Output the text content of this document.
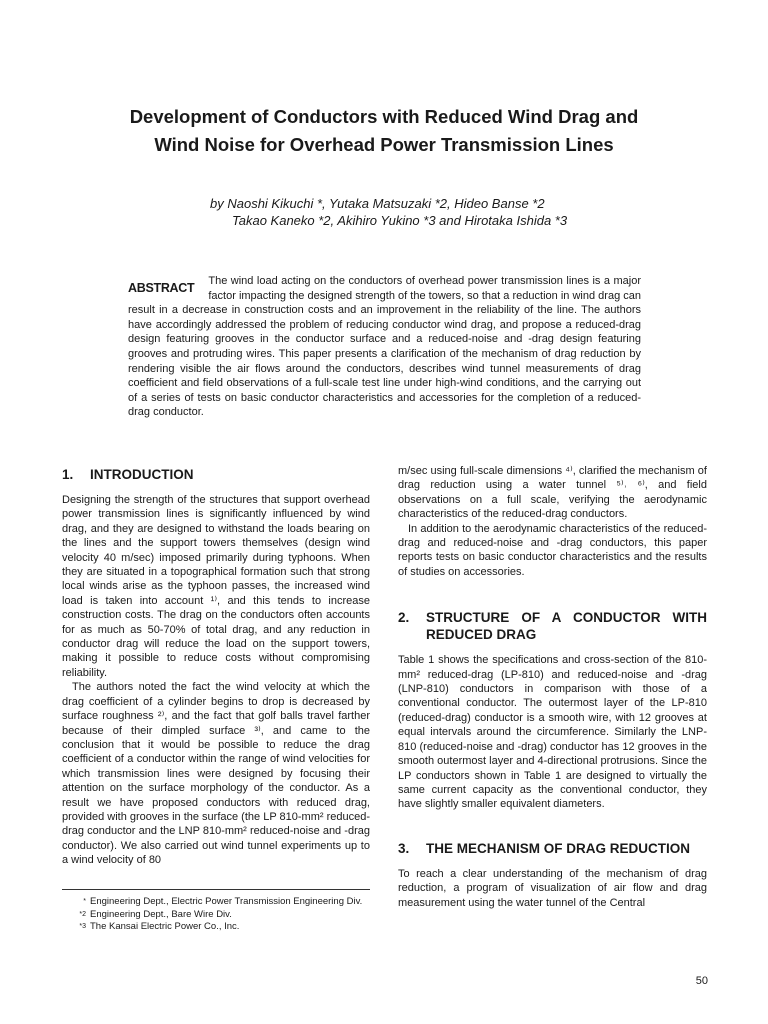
Development of Conductors with Reduced Wind Drag and
Wind Noise for Overhead Power Transmission Lines
by Naoshi Kikuchi *, Yutaka Matsuzaki *2, Hideo Banse *2
Takao Kaneko *2, Akihiro Yukino *3 and Hirotaka Ishida *3
ABSTRACT The wind load acting on the conductors of overhead power transmission lines is a major factor impacting the designed strength of the towers, so that a reduction in wind drag can result in a decrease in construction costs and an improvement in the reliability of the line. The authors have accordingly addressed the problem of reducing conductor wind drag, and propose a reduced-drag design featuring grooves in the conductor surface and a reduced-noise and -drag design featuring grooves and protruding wires. This paper presents a clarification of the mechanism of drag reduction by rendering visible the air flows around the conductors, describes wind tunnel measurements of drag coefficient and field observations of a full-scale test line under high-wind conditions, and the carrying out of a series of tests on basic conductor characteristics and accessories for the completion of a reduced-drag conductor.
1.	INTRODUCTION

Designing the strength of the structures that support overhead power transmission lines is significantly influenced by wind drag, and they are designed to withstand the loads bearing on the lines and the support towers themselves (design wind velocity 40 m/sec) imposed primarily during typhoons. When they are situated in a topographical formation such that strong local winds arise as the typhoon passes, the increased wind load is taken into account ¹⁾, and this tends to increase construction costs. The drag on the conductors often accounts for as much as 50-70% of total drag, and any reduction in conductor drag will reduce the load on the support towers, making it possible to reduce costs without compromising reliability.

The authors noted the fact the wind velocity at which the drag coefficient of a cylinder begins to drop is decreased by surface roughness ²⁾, and the fact that golf balls travel farther because of their dimpled surface ³⁾, and came to the conclusion that it would be possible to reduce the drag coefficient of a conductor within the range of wind velocities for which transmission lines were designed by focusing their attention on the surface morphology of the conductor. As a result we have proposed conductors with reduced drag, provided with grooves in the surface (the LP 810-mm² reduced-drag conductor and the LNP 810-mm² reduced-noise and -drag conductor). We also carried out wind tunnel experiments up to a wind velocity of 80

m/sec using full-scale dimensions ⁴⁾, clarified the mechanism of drag reduction using a water tunnel ⁵⁾˒ ⁶⁾, and field observations on a full scale, verifying the aerodynamic characteristics of the reduced-drag conductors.

In addition to the aerodynamic characteristics of the reduced-drag and reduced-noise and -drag conductors, this paper reports tests on basic conductor characteristics and the results of studies on accessories.

2.	STRUCTURE OF A CONDUCTOR WITH REDUCED DRAG

Table 1 shows the specifications and cross-section of the 810-mm² reduced-drag (LP-810) and reduced-noise and -drag (LNP-810) conductors in comparison with those of a conventional conductor. The outermost layer of the LP-810 (reduced-drag) conductor is a smooth wire, with 12 grooves at equal intervals around the circumference. Similarly the LNP-810 (reduced-noise and -drag) conductor has 12 grooves in the smooth outermost layer and 4-directional protrusions. Since the LP conductors shown in Table 1 are designed to virtually the same current capacity as the conventional conductor, they have slightly smaller equivalent diameters.

3.	THE MECHANISM OF DRAG REDUCTION

To reach a clear understanding of the mechanism of drag reduction, a program of visualization of air flow and drag measurement using the water tunnel of the Central

* Engineering Dept., Electric Power Transmission Engineering Div.
*2 Engineering Dept., Bare Wire Div.
*3 The Kansai Electric Power Co., Inc.
50
